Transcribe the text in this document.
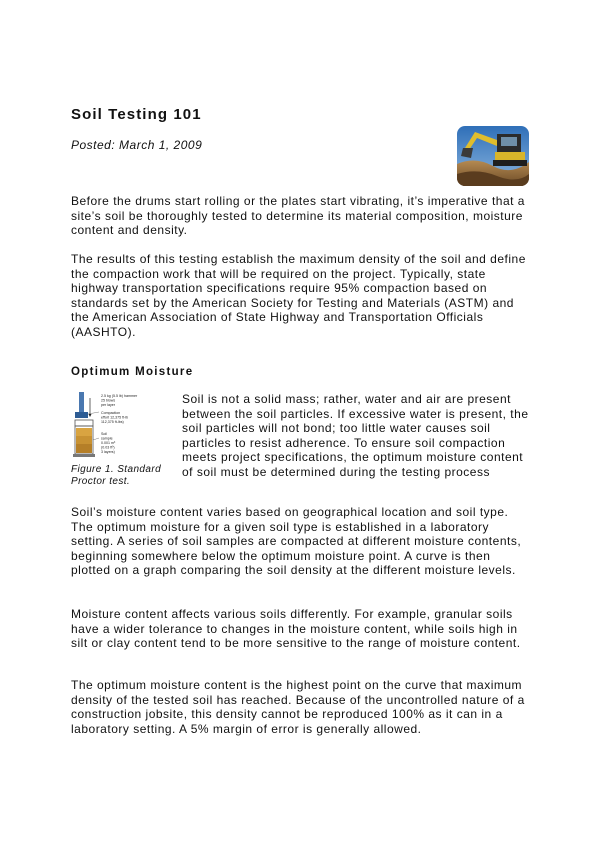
Soil Testing 101
Posted: March 1, 2009

Before the drums start rolling or the plates start vibrating, it’s imperative that a site’s soil be thoroughly tested to determine its material composition, moisture content and density.

The results of this testing establish the maximum density of the soil and define the compaction work that will be required on the project. Typically, state highway transportation specifications require 95% compaction based on standards set by the American Society for Testing and Materials (ASTM) and the American Association of State Highway and Transportation Officials (AASHTO).

Optimum Moisture
2.5 kg (5.5 lb) hammer
25 blows
per layer
Compaction
effort 12,375 ft-lb
112,375 ft-lbs)
Soil
sample
0.001 m³
(0.03 ft³)
3 layers)
Figure 1. Standard Proctor test.

Soil is not a solid mass; rather, water and air are present between the soil particles. If excessive water is present, the soil particles will not bond; too little water causes soil particles to resist adherence. To ensure soil compaction meets project specifications, the optimum moisture content of soil must be determined during the testing process

Soil’s moisture content varies based on geographical location and soil type. The optimum moisture for a given soil type is established in a laboratory setting. A series of soil samples are compacted at different moisture contents, beginning somewhere below the optimum moisture point. A curve is then plotted on a graph comparing the soil density at the different moisture levels.

Moisture content affects various soils differently. For example, granular soils have a wider tolerance to changes in the moisture content, while soils high in silt or clay content tend to be more sensitive to the range of moisture content.

The optimum moisture content is the highest point on the curve that maximum density of the tested soil has reached. Because of the uncontrolled nature of a construction jobsite, this density cannot be reproduced 100% as it can in a laboratory setting. A 5% margin of error is generally allowed.
